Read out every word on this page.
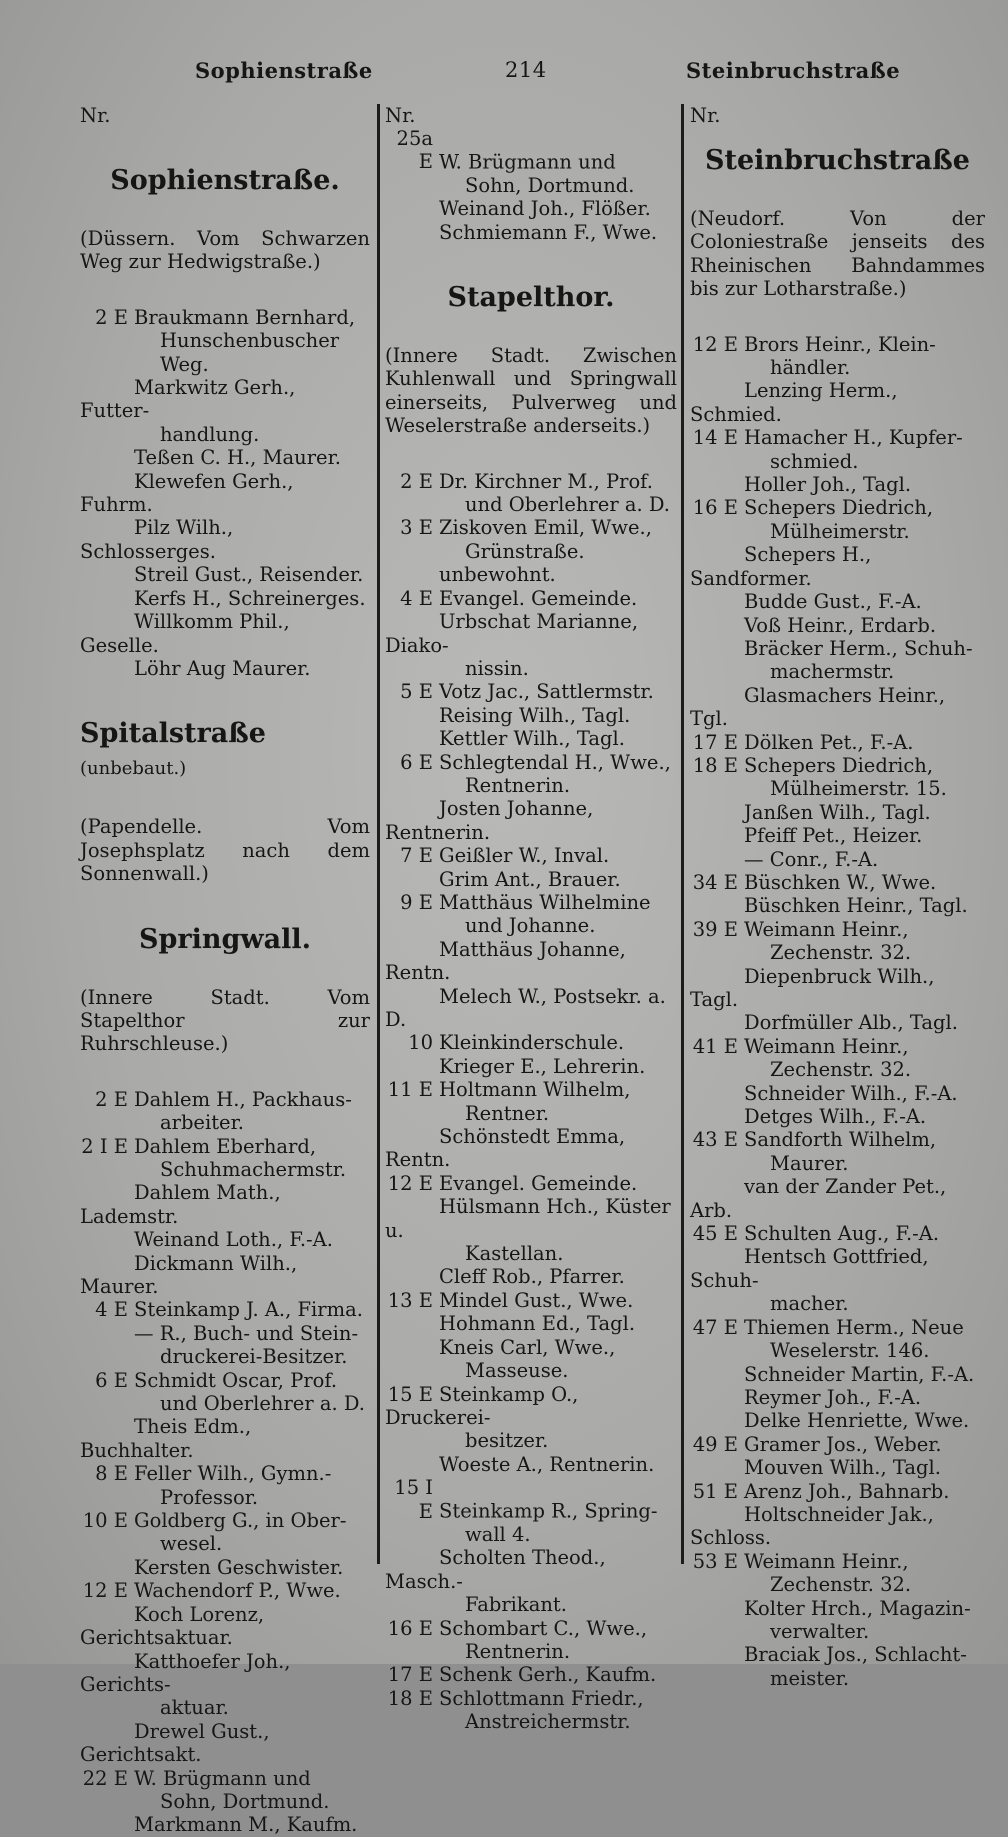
Sophienstraße	214	Steinbruchstraße
Nr.
Sophienstraße.
(Düssern. Vom Schwarzen Weg zur Hedwigstraße.)
2 E Braukmann Bernhard,
Hunschenbuscher Weg.
Markwitz Gerh., Futter-
handlung.
Teßen C. H., Maurer.
Klewefen Gerh., Fuhrm.
Pilz Wilh., Schlosserges.
Streil Gust., Reisender.
Kerfs H., Schreinerges.
Willkomm Phil., Geselle.
Löhr Aug Maurer.
Spitalstraße (unbebaut.)
(Papendelle. Vom Josephsplatz nach dem Sonnenwall.)
Springwall.
(Innere Stadt. Vom Stapelthor zur Ruhrschleuse.)
2 E Dahlem H., Packhaus-
arbeiter.
2 I E Dahlem Eberhard,
Schuhmachermstr.
Dahlem Math., Lademstr.
Weinand Loth., F.-A.
Dickmann Wilh., Maurer.
4 E Steinkamp J. A., Firma.
— R., Buch- und Stein-
druckerei-Besitzer.
6 E Schmidt Oscar, Prof.
und Oberlehrer a. D.
Theis Edm., Buchhalter.
8 E Feller Wilh., Gymn.-
Professor.
10 E Goldberg G., in Ober-
wesel.
Kersten Geschwister.
12 E Wachendorf P., Wwe.
Koch Lorenz, Gerichtsaktuar.
Katthoefer Joh., Gerichts-
aktuar.
Drewel Gust., Gerichtsakt.
22 E W. Brügmann und
Sohn, Dortmund.
Markmann M., Kaufm.
Nr.
25a E W. Brügmann und
Sohn, Dortmund.
Weinand Joh., Flößer.
Schmiemann F., Wwe.
Stapelthor.
(Innere Stadt. Zwischen Kuhlenwall und Springwall einerseits, Pulverweg und Weselerstraße anderseits.)
2 E Dr. Kirchner M., Prof.
und Oberlehrer a. D.
3 E Ziskoven Emil, Wwe.,
Grünstraße.
unbewohnt.
4 E Evangel. Gemeinde.
Urbschat Marianne, Diako-
nissin.
5 E Votz Jac., Sattlermstr.
Reising Wilh., Tagl.
Kettler Wilh., Tagl.
6 E Schlegtendal H., Wwe.,
Rentnerin.
Josten Johanne, Rentnerin.
7 E Geißler W., Inval.
Grim Ant., Brauer.
9 E Matthäus Wilhelmine
und Johanne.
Matthäus Johanne, Rentn.
Melech W., Postsekr. a. D.
10 Kleinkinderschule.
Krieger E., Lehrerin.
11 E Holtmann Wilhelm,
Rentner.
Schönstedt Emma, Rentn.
12 E Evangel. Gemeinde.
Hülsmann Hch., Küster u.
Kastellan.
Cleff Rob., Pfarrer.
13 E Mindel Gust., Wwe.
Hohmann Ed., Tagl.
Kneis Carl, Wwe.,
Masseuse.
15 E Steinkamp O., Druckerei-
besitzer.
Woeste A., Rentnerin.
15 I E Steinkamp R., Spring-
wall 4.
Scholten Theod., Masch.-
Fabrikant.
16 E Schombart C., Wwe.,
Rentnerin.
17 E Schenk Gerh., Kaufm.
18 E Schlottmann Friedr.,
Anstreichermstr.
Nr.
Steinbruchstraße
(Neudorf. Von der Coloniestraße jenseits des Rheinischen Bahndammes bis zur Lotharstraße.)
12 E Brors Heinr., Klein-
händler.
Lenzing Herm., Schmied.
14 E Hamacher H., Kupfer-
schmied.
Holler Joh., Tagl.
16 E Schepers Diedrich,
Mülheimerstr.
Schepers H., Sandformer.
Budde Gust., F.-A.
Voß Heinr., Erdarb.
Bräcker Herm., Schuh-
machermstr.
Glasmachers Heinr., Tgl.
17 E Dölken Pet., F.-A.
18 E Schepers Diedrich,
Mülheimerstr. 15.
Janßen Wilh., Tagl.
Pfeiff Pet., Heizer.
— Conr., F.-A.
34 E Büschken W., Wwe.
Büschken Heinr., Tagl.
39 E Weimann Heinr.,
Zechenstr. 32.
Diepenbruck Wilh., Tagl.
Dorfmüller Alb., Tagl.
41 E Weimann Heinr.,
Zechenstr. 32.
Schneider Wilh., F.-A.
Detges Wilh., F.-A.
43 E Sandforth Wilhelm,
Maurer.
van der Zander Pet., Arb.
45 E Schulten Aug., F.-A.
Hentsch Gottfried, Schuh-
macher.
47 E Thiemen Herm., Neue
Weselerstr. 146.
Schneider Martin, F.-A.
Reymer Joh., F.-A.
Delke Henriette, Wwe.
49 E Gramer Jos., Weber.
Mouven Wilh., Tagl.
51 E Arenz Joh., Bahnarb.
Holtschneider Jak., Schloss.
53 E Weimann Heinr.,
Zechenstr. 32.
Kolter Hrch., Magazin-
verwalter.
Braciak Jos., Schlacht-
meister.
